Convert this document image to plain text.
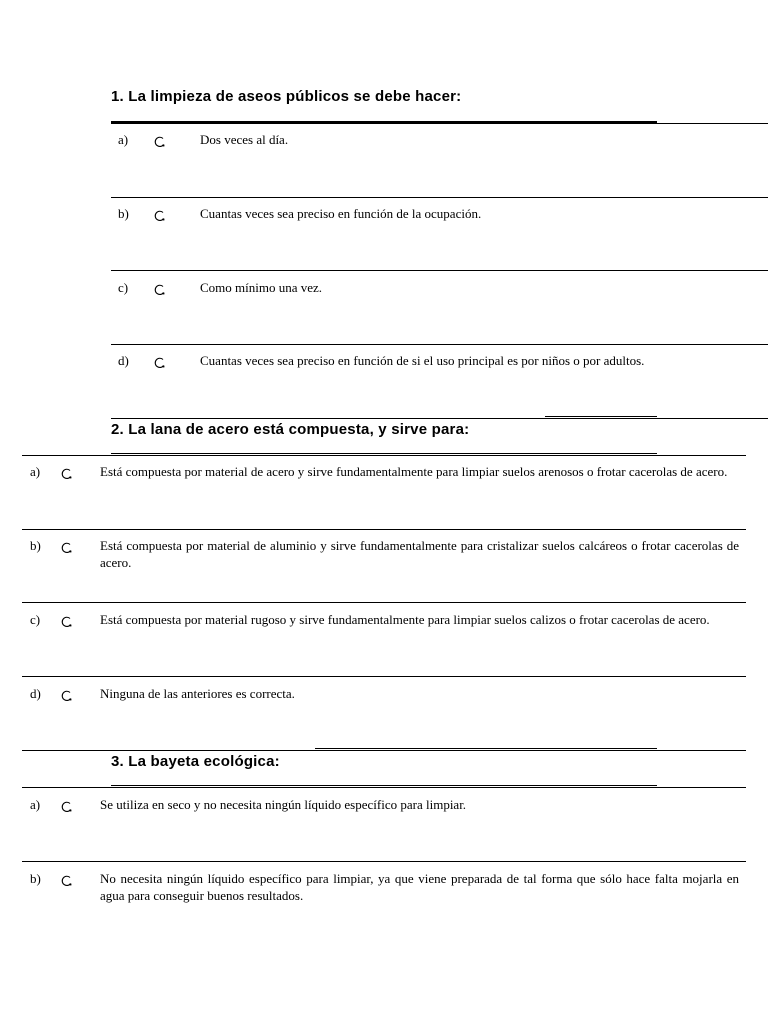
1. La limpieza de aseos públicos se debe hacer:
a)	Dos veces al día.
b)	Cuantas veces sea preciso en función de la ocupación.
c)	Como mínimo una vez.
d)	Cuantas veces sea preciso en función de si el uso principal es por niños o por adultos.
2. La lana de acero está compuesta, y sirve para:
a)	Está compuesta por material de acero y sirve fundamentalmente para limpiar suelos arenosos o frotar cacerolas de acero.
b)	Está compuesta por material de aluminio y sirve fundamentalmente para cristalizar suelos calcáreos o frotar cacerolas de acero.
c)	Está compuesta por material rugoso y sirve fundamentalmente para limpiar suelos calizos o frotar cacerolas de acero.
d)	Ninguna de las anteriores es correcta.
3. La bayeta ecológica:
a)	Se utiliza en seco y no necesita ningún líquido específico para limpiar.
b)	No necesita ningún líquido específico para limpiar, ya que viene preparada de tal forma que sólo hace falta mojarla en agua para conseguir buenos resultados.
